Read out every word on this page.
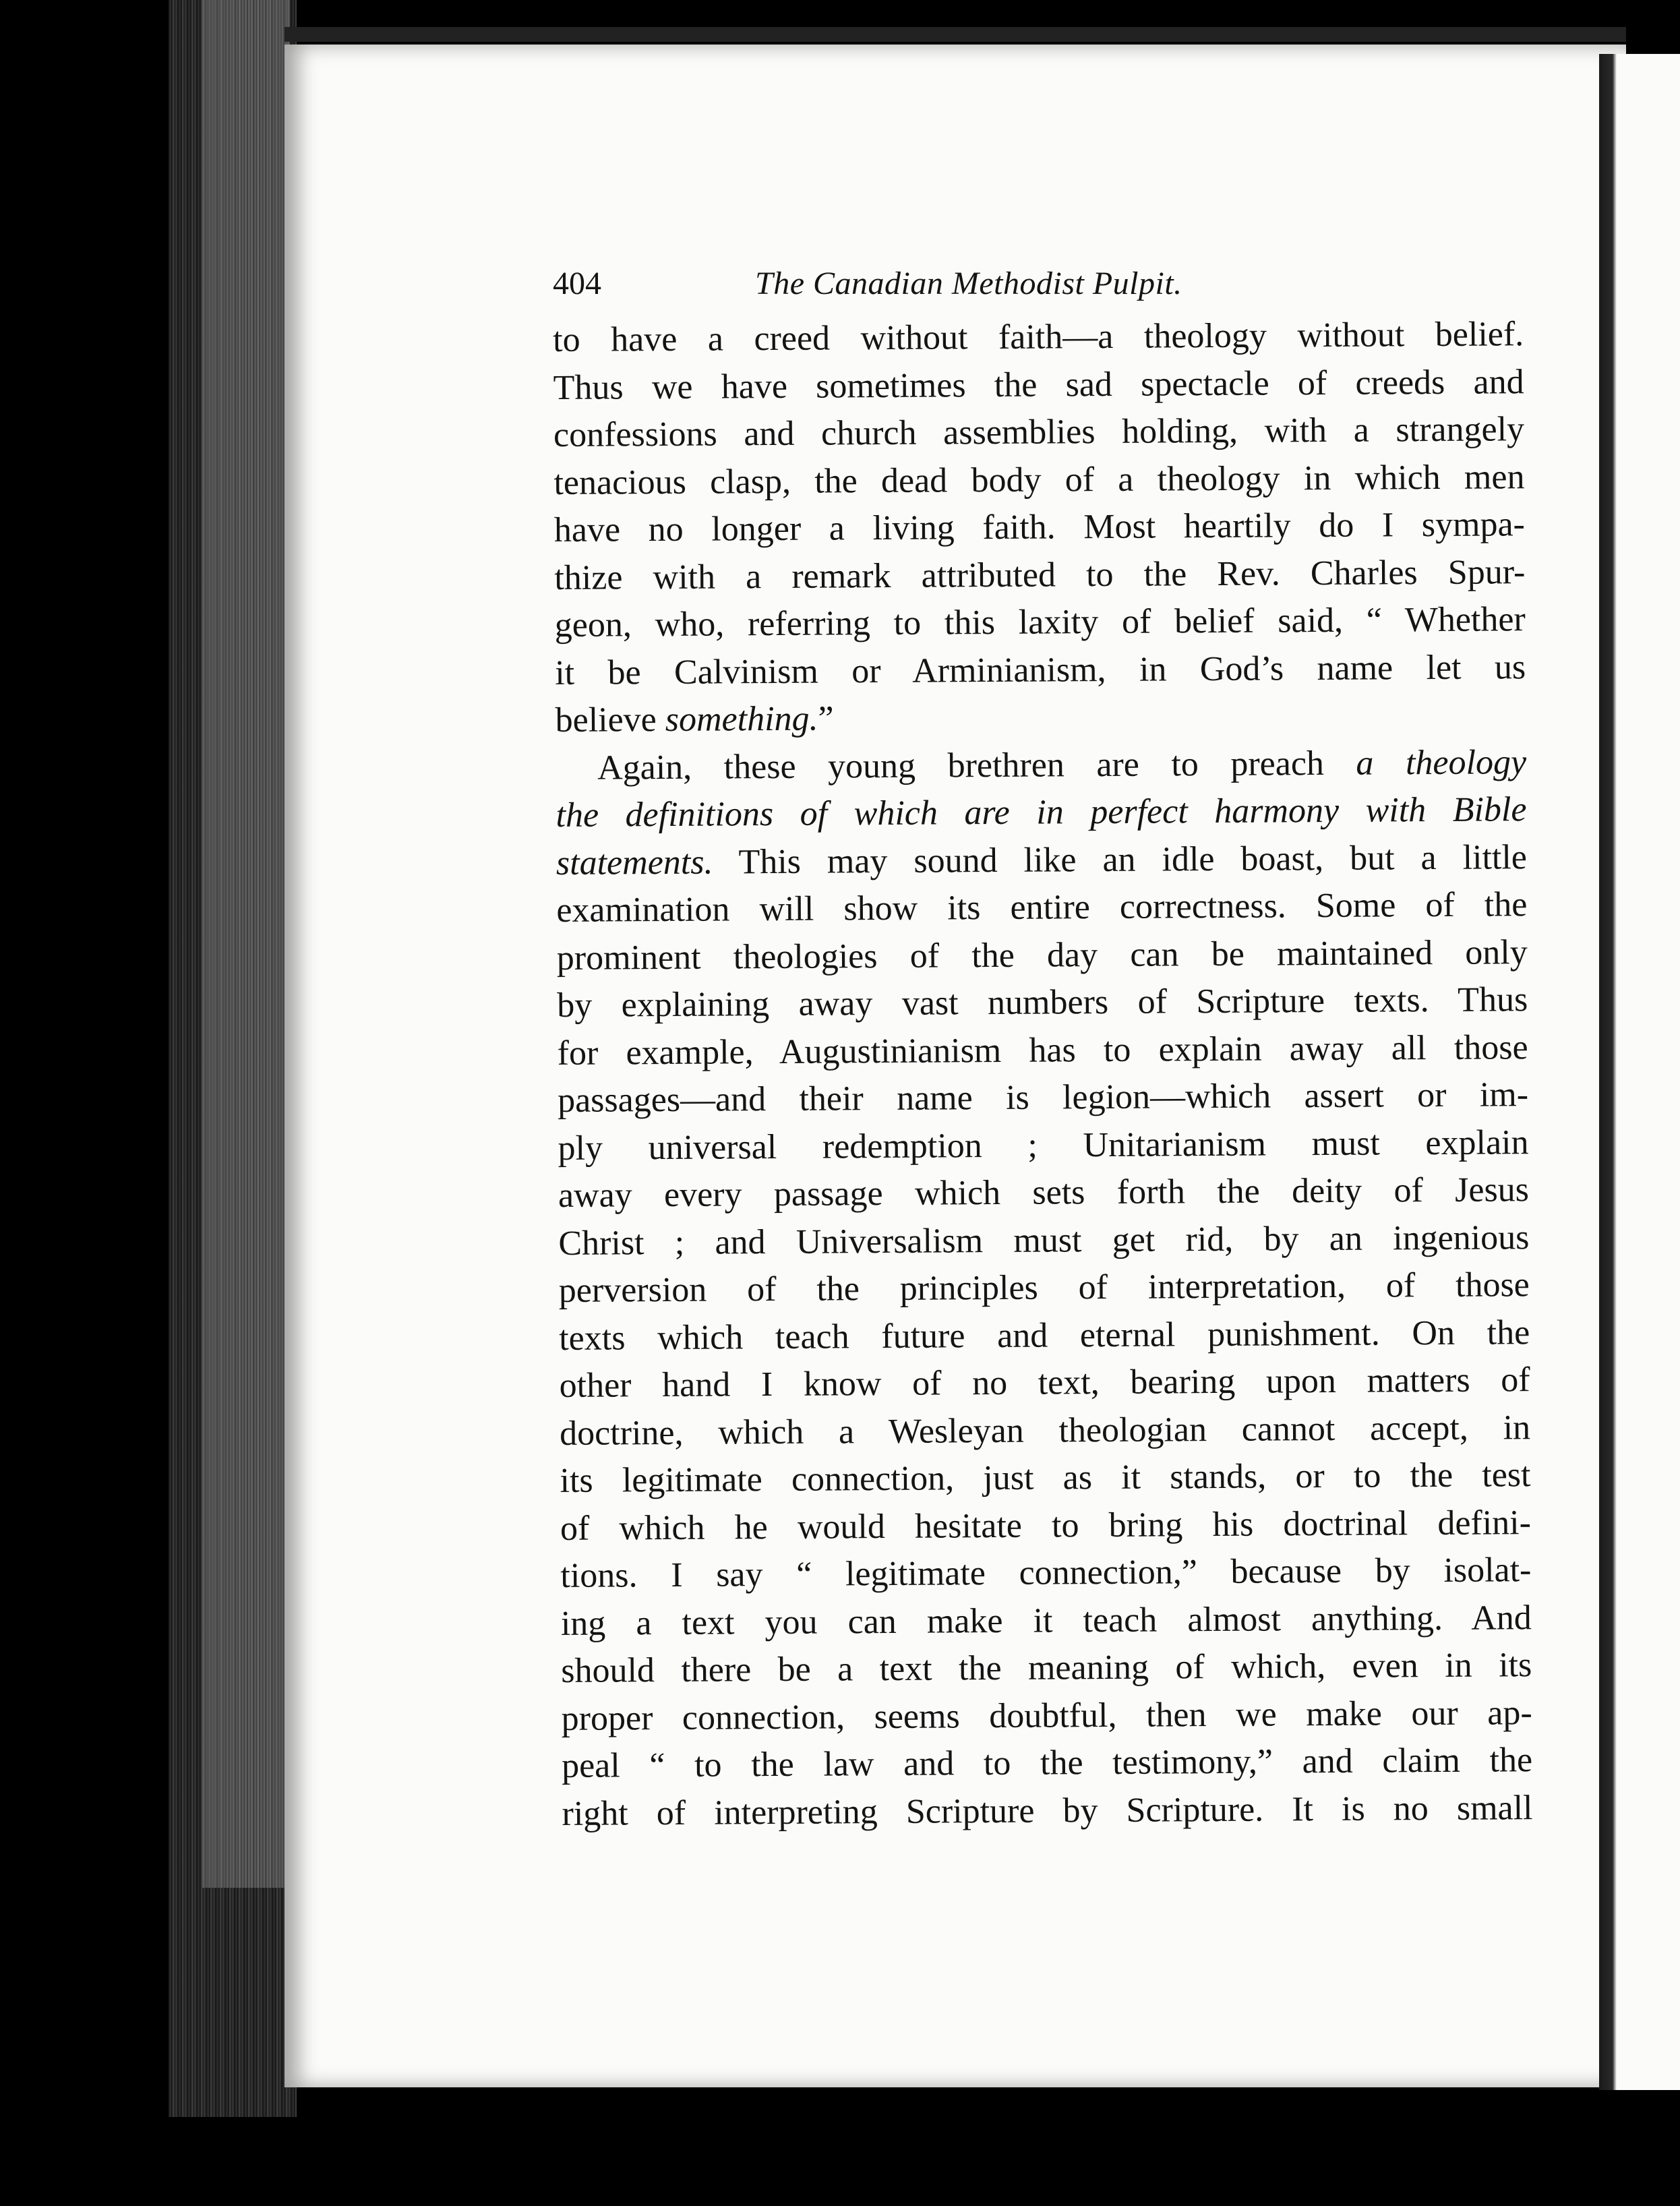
404	The Canadian Methodist Pulpit.
to have a creed without faith—a theology without belief.
Thus we have sometimes the sad spectacle of creeds and
confessions and church assemblies holding, with a strangely
tenacious clasp, the dead body of a theology in which men
have no longer a living faith. Most heartily do I sympa-
thize with a remark attributed to the Rev. Charles Spur-
geon, who, referring to this laxity of belief said, “ Whether
it be Calvinism or Arminianism, in God’s name let us
believe something.”
Again, these young brethren are to preach a theology
the definitions of which are in perfect harmony with Bible
statements. This may sound like an idle boast, but a little
examination will show its entire correctness. Some of the
prominent theologies of the day can be maintained only
by explaining away vast numbers of Scripture texts. Thus
for example, Augustinianism has to explain away all those
passages—and their name is legion—which assert or im-
ply universal redemption ; Unitarianism must explain
away every passage which sets forth the deity of Jesus
Christ ; and Universalism must get rid, by an ingenious
perversion of the principles of interpretation, of those
texts which teach future and eternal punishment. On the
other hand I know of no text, bearing upon matters of
doctrine, which a Wesleyan theologian cannot accept, in
its legitimate connection, just as it stands, or to the test
of which he would hesitate to bring his doctrinal defini-
tions. I say “ legitimate connection,” because by isolat-
ing a text you can make it teach almost anything. And
should there be a text the meaning of which, even in its
proper connection, seems doubtful, then we make our ap-
peal “ to the law and to the testimony,” and claim the
right of interpreting Scripture by Scripture. It is no small
